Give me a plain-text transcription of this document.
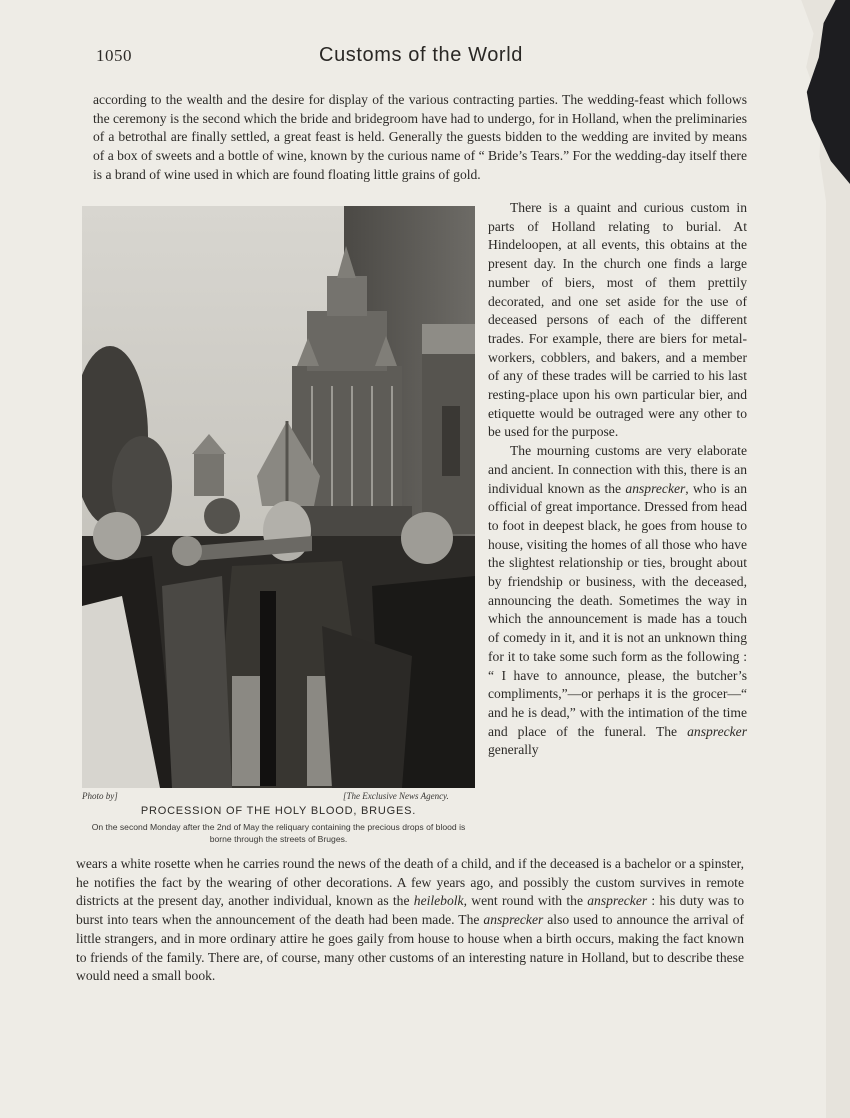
1050	Customs of the World

according to the wealth and the desire for display of the various contracting parties. The wedding-feast which follows the ceremony is the second which the bride and bridegroom have had to undergo, for in Holland, when the preliminaries of a betrothal are finally settled, a great feast is held. Generally the guests bidden to the wedding are invited by means of a box of sweets and a bottle of wine, known by the curious name of “ Bride’s Tears.” For the wedding-day itself there is a brand of wine used in which are found floating little grains of gold.

Photo by]	[The Exclusive News Agency.
PROCESSION OF THE HOLY BLOOD, BRUGES.
On the second Monday after the 2nd of May the reliquary containing the precious drops of blood is borne through the streets of Bruges.

There is a quaint and curious custom in parts of Holland relating to burial. At Hindeloopen, at all events, this obtains at the present day. In the church one finds a large number of biers, most of them prettily decorated, and one set aside for the use of deceased persons of each of the different trades. For example, there are biers for metal-workers, cobblers, and bakers, and a member of any of these trades will be carried to his last resting-place upon his own particular bier, and etiquette would be outraged were any other to be used for the purpose.

The mourning customs are very elaborate and ancient. In connection with this, there is an individual known as the ansprecker, who is an official of great importance. Dressed from head to foot in deepest black, he goes from house to house, visiting the homes of all those who have the slightest relationship or ties, brought about by friendship or business, with the deceased, announcing the death. Sometimes the way in which the announcement is made has a touch of comedy in it, and it is not an unknown thing for it to take some such form as the following : “ I have to announce, please, the butcher’s compliments,”—or perhaps it is the grocer—“ and he is dead,” with the intimation of the time and place of the funeral. The ansprecker generally

wears a white rosette when he carries round the news of the death of a child, and if the deceased is a bachelor or a spinster, he notifies the fact by the wearing of other decorations. A few years ago, and possibly the custom survives in remote districts at the present day, another individual, known as the heilebolk, went round with the ansprecker : his duty was to burst into tears when the announcement of the death had been made. The ansprecker also used to announce the arrival of little strangers, and in more ordinary attire he goes gaily from house to house when a birth occurs, making the fact known to friends of the family. There are, of course, many other customs of an interesting nature in Holland, but to describe these would need a small book.
